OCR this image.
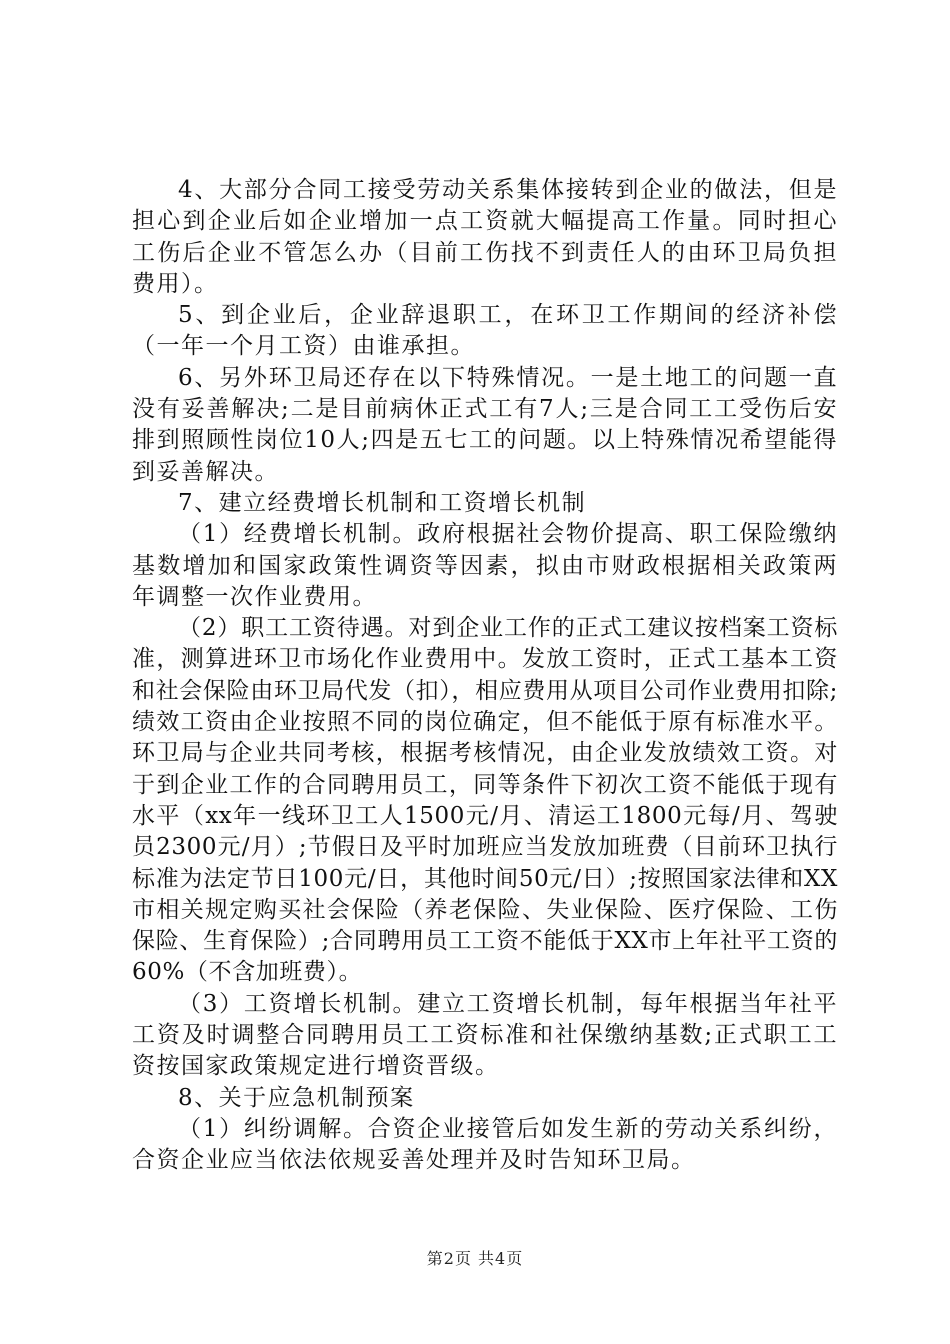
4、大部分合同工接受劳动关系集体接转到企业的做法，但是担心到企业后如企业增加一点工资就大幅提高工作量。同时担心工伤后企业不管怎么办（目前工伤找不到责任人的由环卫局负担费用）。

5、到企业后，企业辞退职工，在环卫工作期间的经济补偿（一年一个月工资）由谁承担。

6、另外环卫局还存在以下特殊情况。一是土地工的问题一直没有妥善解决;二是目前病休正式工有7人;三是合同工工受伤后安排到照顾性岗位10人;四是五七工的问题。以上特殊情况希望能得到妥善解决。

7、建立经费增长机制和工资增长机制

（1）经费增长机制。政府根据社会物价提高、职工保险缴纳基数增加和国家政策性调资等因素，拟由市财政根据相关政策两年调整一次作业费用。

（2）职工工资待遇。对到企业工作的正式工建议按档案工资标准，测算进环卫市场化作业费用中。发放工资时，正式工基本工资和社会保险由环卫局代发（扣），相应费用从项目公司作业费用扣除;绩效工资由企业按照不同的岗位确定，但不能低于原有标准水平。环卫局与企业共同考核，根据考核情况，由企业发放绩效工资。对于到企业工作的合同聘用员工，同等条件下初次工资不能低于现有水平（xx年一线环卫工人1500元/月、清运工1800元每/月、驾驶员2300元/月）;节假日及平时加班应当发放加班费（目前环卫执行标准为法定节日100元/日，其他时间50元/日）;按照国家法律和XX市相关规定购买社会保险（养老保险、失业保险、医疗保险、工伤保险、生育保险）;合同聘用员工工资不能低于XX市上年社平工资的60%（不含加班费）。

（3）工资增长机制。建立工资增长机制，每年根据当年社平工资及时调整合同聘用员工工资标准和社保缴纳基数;正式职工工资按国家政策规定进行增资晋级。

8、关于应急机制预案

（1）纠纷调解。合资企业接管后如发生新的劳动关系纠纷，合资企业应当依法依规妥善处理并及时告知环卫局。

第2页 共4页
